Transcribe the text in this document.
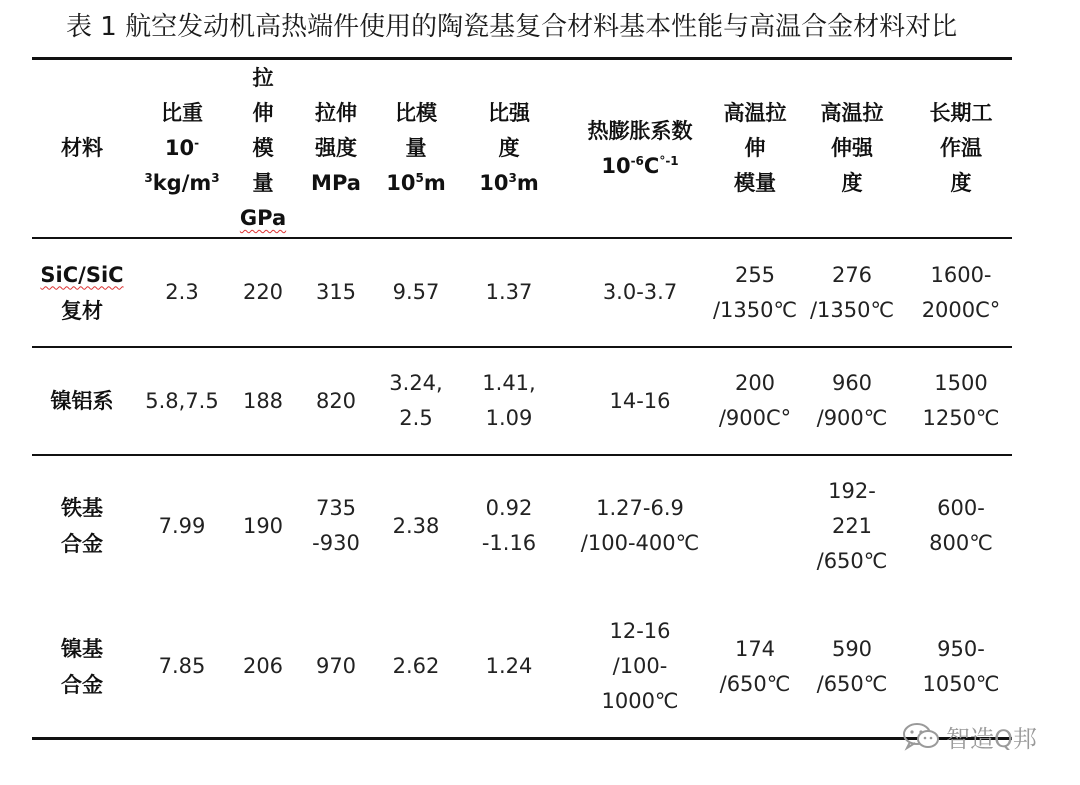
表 1 航空发动机高热端件使用的陶瓷基复合材料基本性能与高温合金材料对比
材料
比重
10-
$^3kg/m^3$
拉
伸
模
量
GPa
拉伸
强度
MPa
比模
量
$10^5m$
比强
度
$10^3m$
热膨胀系数
$10^{-6}C^{^\circ-1}$
高温拉
伸
模量
高温拉
伸强
度
长期工
作温
度
SiC/SiC
复材
2.3 220 315 9.57 1.37	3.0-3.7
255
/1350℃
276
/1350℃
1600-
2000C°
镍铝系 5.8,7.5 188 820
3.24,
2.5
1.41,
1.09
14-16
200
/900C°
960
/900℃
1500
1250℃
铁基
合金
7.99 190
735
-930
2.38
0.92
-1.16
1.27-6.9
/100-400℃
192-
221
/650℃
600-
800℃
镍基
合金
7.85 206 970 2.62 1.24
12-16
/100-
1000℃
174
/650℃
590
/650℃
950-
1050℃
智造Q邦
